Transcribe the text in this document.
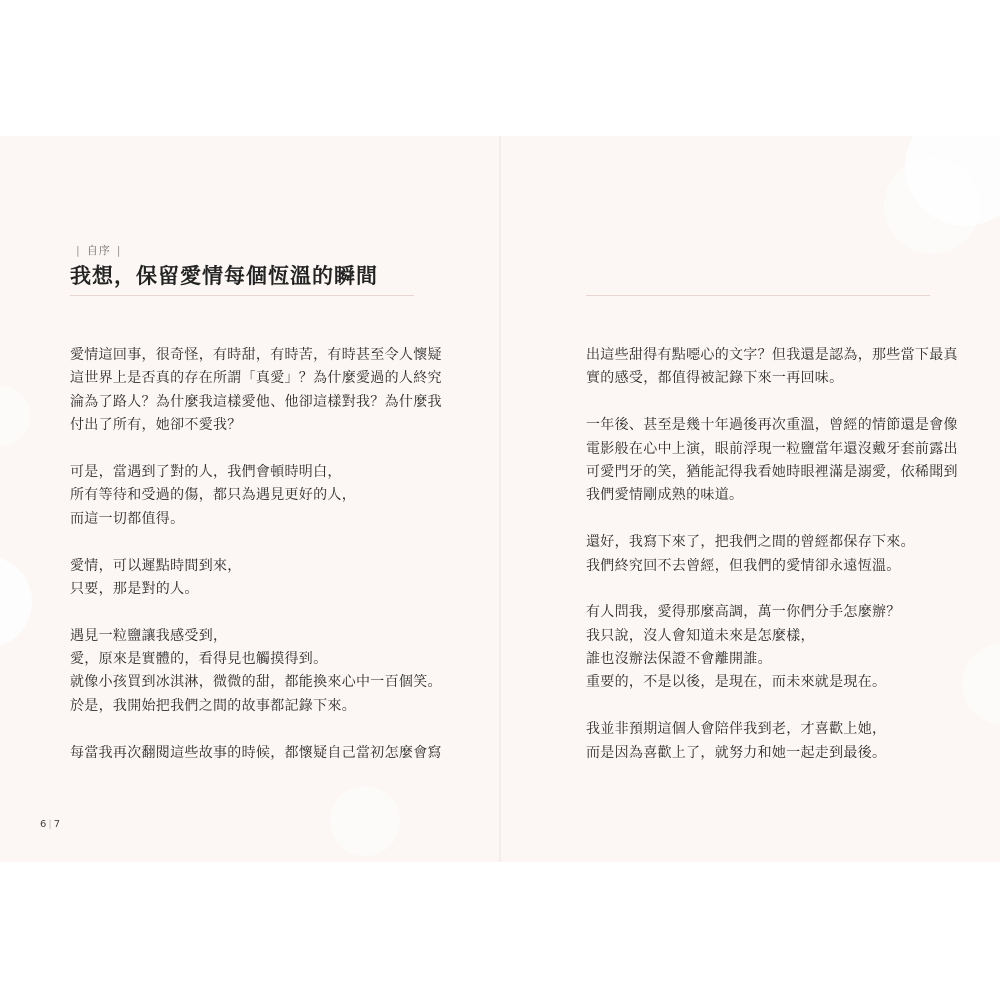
| 自序 |
我想，保留愛情每個恆溫的瞬間
愛情這回事，很奇怪，有時甜，有時苦，有時甚至令人懷疑
這世界上是否真的存在所謂「真愛」？為什麼愛過的人終究
淪為了路人？為什麼我這樣愛他、他卻這樣對我？為什麼我
付出了所有，她卻不愛我？
可是，當遇到了對的人，我們會頓時明白，
所有等待和受過的傷，都只為遇見更好的人，
而這一切都值得。
愛情，可以遲點時間到來，
只要，那是對的人。
遇見一粒鹽讓我感受到，
愛，原來是實體的，看得見也觸摸得到。
就像小孩買到冰淇淋，微微的甜，都能換來心中一百個笑。
於是，我開始把我們之間的故事都記錄下來。
每當我再次翻閱這些故事的時候，都懷疑自己當初怎麼會寫
出這些甜得有點噁心的文字？但我還是認為，那些當下最真
實的感受，都值得被記錄下來一再回味。
一年後、甚至是幾十年過後再次重溫，曾經的情節還是會像
電影般在心中上演，眼前浮現一粒鹽當年還沒戴牙套前露出
可愛門牙的笑，猶能記得我看她時眼裡滿是溺愛，依稀聞到
我們愛情剛成熟的味道。
還好，我寫下來了，把我們之間的曾經都保存下來。
我們終究回不去曾經，但我們的愛情卻永遠恆溫。
有人問我，愛得那麼高調，萬一你們分手怎麼辦？
我只說，沒人會知道未來是怎麼樣，
誰也沒辦法保證不會離開誰。
重要的，不是以後，是現在，而未來就是現在。
我並非預期這個人會陪伴我到老，才喜歡上她，
而是因為喜歡上了，就努力和她一起走到最後。
6 | 7
